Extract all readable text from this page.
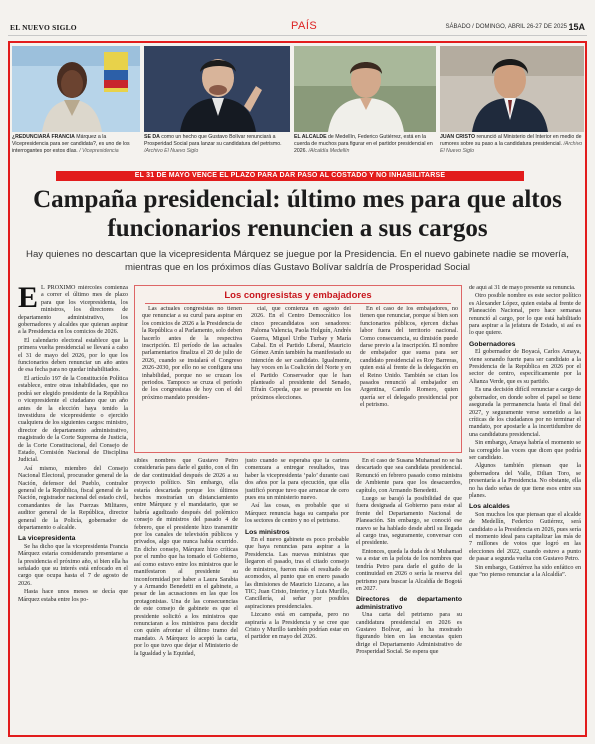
EL NUEVO SIGLO	PAÍS	SÁBADO / DOMINGO, ABRIL 26-27 DE 2025 15A
¿REDUNCIARÁ FRANCIA Márquez a la Vicepresidencia para ser candidata?, es uno de los interrogantes por estos días. / Vicepresidencia
SE DA como un hecho que Gustavo Bolívar renunciará a Prosperidad Social para lanzar su candidatura del petrismo. /Archivo El Nuevo Siglo
EL ALCALDE de Medellín, Federico Gutiérrez, está en la cuerda de muchos para figurar en el partidor presidencial en 2026. /Alcaldía Medellín
JUAN CRISTO renunció al Ministerio del Interior en medio de rumores sobre su paso a la candidatura presidencial. /Archivo El Nuevo Siglo
EL 31 DE MAYO VENCE EL PLAZO PARA DAR PASO AL COSTADO Y NO INHABILITARSE
Campaña presidencial: último mes para que altos funcionarios renuncien a sus cargos
Hay quienes no descartan que la vicepresidenta Márquez se juegue por la Presidencia. En el nuevo gabinete nadie se movería, mientras que en los próximos días Gustavo Bolívar saldría de Prosperidad Social

E L PRÓXIMO miércoles comienza a correr el último mes de plazo para que los vicepresidenta, los ministros, los directores de departamento administrativo, los gobernadores y alcaldes que quieran aspirar a la Presidencia en los comicios de 2026.

El calendario electoral establece que la primera vuelta presidencial se llevará a cabo el 31 de mayo del 2026, por lo que los funcionarios deben renunciar un año antes de esa fecha para no quedar inhabilitados.

El artículo 197 de la Constitución Política establece, entre otras inhabilidades, que no podrá ser elegido presidente de la República o vicepresidente el ciudadano que un año antes de la elección haya tenido la investidura de vicepresidente o ejercido cualquiera de los siguientes cargos: ministro, director de departamento administrativo, magistrado de la Corte Suprema de Justicia, de la Corte Constitucional, del Consejo de Estado, Comisión Nacional de Disciplina Judicial.

Así mismo, miembro del Consejo Nacional Electoral, procurador general de la Nación, defensor del Pueblo, contralor general de la República, fiscal general de la Nación, registrador nacional del estado civil, comandantes de las Fuerzas Militares, auditor general de la República, director general de la Policía, gobernador de departamento o alcalde.

La vicepresidenta

Se ha dicho que la vicepresidenta Francia Márquez estaría considerando presentarse a la presidencia el próximo año, si bien ella ha señalado que su interés está enfocado en el cargo que ocupa hasta el 7 de agosto de 2026.

Hasta hace unos meses se decía que Márquez estaba entre los po-

Los congresistas y embajadores

Las actuales congresistas no tienen que renunciar a su curul para aspirar en los comicios de 2026 a la Presidencia de la República o al Parlamento, solo deben hacerlo antes de la respectiva inscripción. El período de las actuales parlamentarios finaliza el 20 de julio de 2026, cuando se instalará el Congreso 2026-2030, por ello no se configura una inhabilidad, porque no se cruzan los periodos. Tampoco se cruza el período de los congresistas de hoy con el del próximo mandato presiden-

cial, que comienza en agosto del 2026. En el Centro Democrático los cinco precandidatos son senadores: Paloma Valencia, Paola Holguín, Andrés Guerra, Miguel Uribe Turbay y María Cabal. En el Partido Liberal, Mauricio Gómez Amín también ha manifestado su intención de ser candidato. Igualmente, hay voces en la Coalición del Norte y en el Partido Conservador que le han planteado al presidente del Senado, Efraín Cepeda, que se presente en los próximos elecciones.

En el caso de los embajadores, no tienen que renunciar, porque sí bien son funcionarios públicos, ejercen dichas labor fuera del territorio nacional. Como consecuencia, su dimisión puede darse previo a la inscripción. El nombre de embajador que suena para ser candidato presidencial es Roy Barreras, quien está al frente de la delegación en el Reino Unido. También se citan los pasados renunció al embajador en Argentina, Camilo Romero, quien quería ser el delegado presidencial por el petrismo.

sibles nombres que Gustavo Petro consideraría para darle el guiño, con el fin de dar continuidad después de 2026 a su proyecto político. Sin embargo, ella estaría descartada porque los últimos hechos mostrarían un distanciamiento entre Márquez y el mandatario, que se habría agudizado después del polémico consejo de ministros del pasado 4 de febrero, que el presidente hizo transmitir por los canales de televisión públicos y privados, algo que nunca había ocurrido. En dicho consejo, Márquez hizo críticas por el rumbo que ha tomado el Gobierno, así como estuvo entre los ministros que le manifestaron al presidente su inconformidad por haber a Laura Sarabia y a Armando Benedetti en el gabinete, a pesar de las acusaciones en las que los protagonistas. Una de las consecuencias de este consejo de gabinete es que el presidente solicitó a los ministros que renunciaran a los ministros para decidir con quién afrontar el último tramo del mandato. A Márquez lo aceptó la carta, por lo que tuvo que dejar el Ministerio de la Igualdad y la Equidad,

justo cuando se esperaba que la cartera comenzara a entregar resultados, tras haber la vicepresidenta ‘palo’ durante casi dos años por la para ejecución, que ella justificó porque tuvo que arrancar de cero pues era un ministerio nuevo.

Así las cosas, es probable que si Márquez renuncia haga su campaña por los sectores de centro y no el petrismo.

Los ministros

En el nuevo gabinete es poco probable que haya renuncias para aspirar a la Presidencia. Las nuevas ministras que llegaron el pasado, tras el citado consejo de ministros, fueron más el resultado de acomodos, al punto que en enero pasado las dimisiones de Mauricio Lizcano, a las TIC; Juan Cristo, Interior, y Luis Murillo, Cancillería, al señar por posibles aspiraciones presidenciales.

Lizcano está en campaña, pero no aspiraría a la Presidencia y se cree que Cristo y Murillo también podrían estar en el partidor en mayo del 2026.

En el caso de Susana Muhamad no se ha descartado que sea candidata presidencial. Renunció en febrero pasado como ministra de Ambiente para que los desacuerdos, capítulo, con Armando Benedetti.

Luego se barajó la posibilidad de que fuera designada al Gobierno para estar al frente del Departamento Nacional de Planeación. Sin embargo, se conoció ese nuevo se ha hablado desde abril su llegada al cargo tras, seguramente, conversar con el presidente.

Entonces, queda la duda de si Muhamad va a estar en la pelota de los nombres que tendría Petro para darle el guiño de la continuidad en 2026 o sería la reserva del petrismo para buscar la Alcaldía de Bogotá en 2027.

Directores de departamento administrativo

Una carta del petrismo para su candidatura presidencial en 2026 es Gustavo Bolívar, así lo ha mostrado figurando bien en las encuestas quien dirige el Departamento Administrativo de Prosperidad Social. Se espera que

de aquí al 31 de mayo presente su renuncia.

Otro posible nombre es este sector político es Alexander López, quien estaba al frente de Planeación Nacional, pero hace semanas renunció al cargo, por lo que está habilitado para aspirar a la jefatura de Estado, si así es lo que quiere.

Gobernadores

El gobernador de Boyacá, Carlos Amaya, viene sonando fuerte para ser candidato a la Presidencia de la República en 2026 por el sector de centro, específicamente por la Alianza Verde, que es su partido.

Es una decisión difícil renunciar a cargo de gobernador, en donde sobre el papel se tiene asegurada la permanencia hasta el final del 2027, y seguramente verse sometido a las críticas de los ciudadanos por no terminar el mandato, por apostarle a la incertidumbre de una candidatura presidencial.

Sin embargo, Amaya habría el momento se ha corregido las voces que dicen que podría ser candidato.

Algunos también piensan que la gobernadora del Valle, Dilian Toro, se presentaría a la Presidencia. No obstante, ella no ha dado señas de que tiene esos entre sus planes.

Los alcaldes

Son muchos los que piensan que el alcalde de Medellín, Federico Gutiérrez, será candidato a la Presidencia en 2026, pues sería el momento ideal para capitalizar las más de 7 millones de votos que logró en las elecciones del 2022, cuando estuvo a punto de pasar a segunda vuelta con Gustavo Petro.

Sin embargo, Gutiérrez ha sido enfático en que “no pienso renunciar a la Alcaldía”.
